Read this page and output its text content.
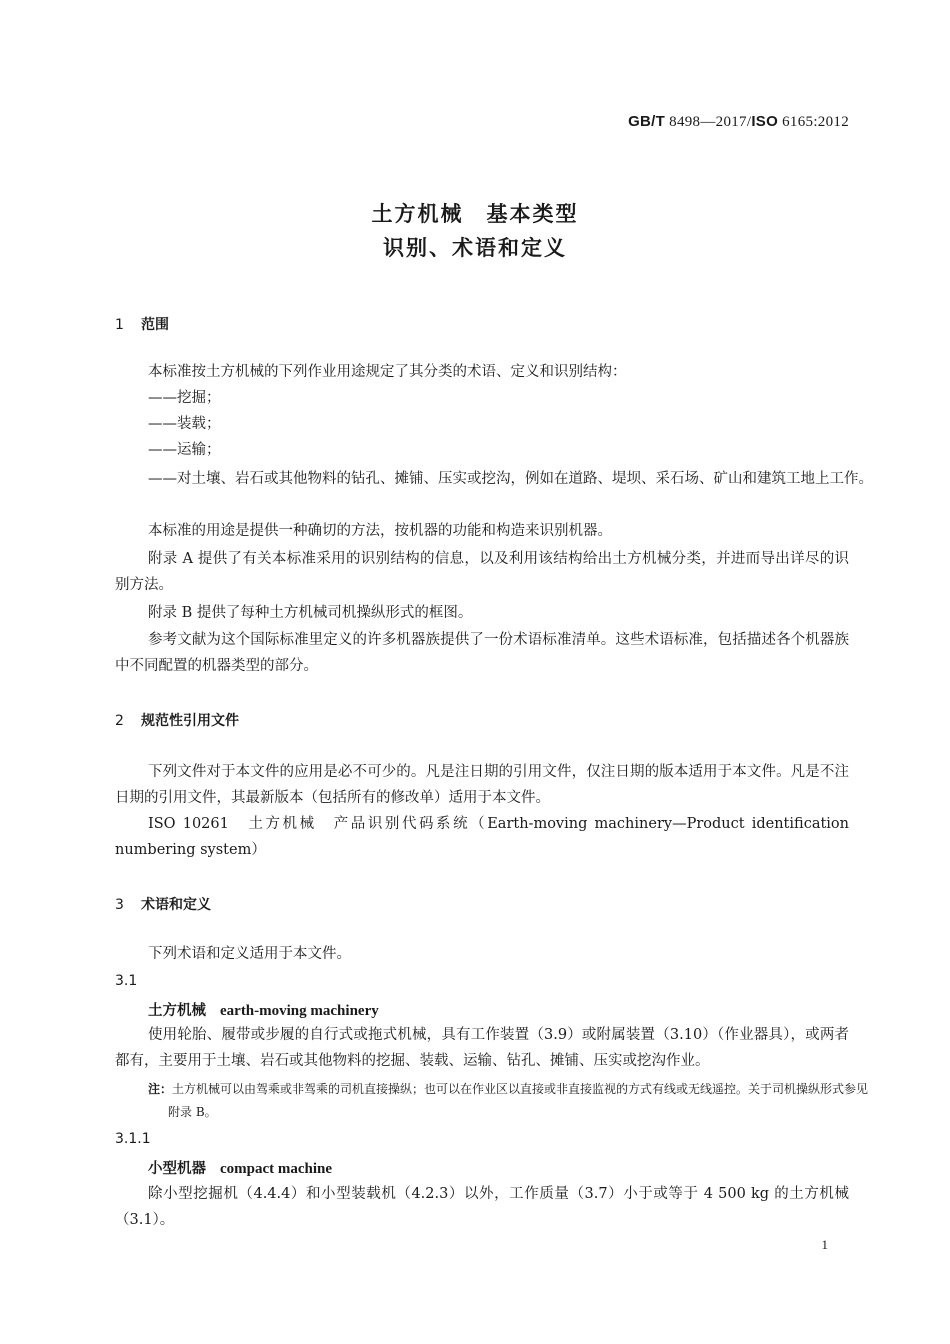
GB/T 8498—2017/ISO 6165:2012
土方机械　基本类型
识别、术语和定义
1 范围
本标准按土方机械的下列作业用途规定了其分类的术语、定义和识别结构：
——挖掘；
——装载；
——运输；
——对土壤、岩石或其他物料的钻孔、摊铺、压实或挖沟，例如在道路、堤坝、采石场、矿山和建筑工地上工作。
本标准的用途是提供一种确切的方法，按机器的功能和构造来识别机器。
附录 A 提供了有关本标准采用的识别结构的信息，以及利用该结构给出土方机械分类，并进而导出详尽的识别方法。
附录 B 提供了每种土方机械司机操纵形式的框图。
参考文献为这个国际标准里定义的许多机器族提供了一份术语标准清单。这些术语标准，包括描述各个机器族中不同配置的机器类型的部分。
2 规范性引用文件
下列文件对于本文件的应用是必不可少的。凡是注日期的引用文件，仅注日期的版本适用于本文件。凡是不注日期的引用文件，其最新版本（包括所有的修改单）适用于本文件。
ISO 10261　土方机械　产品识别代码系统（Earth-moving machinery—Product identification numbering system）
3 术语和定义
下列术语和定义适用于本文件。
3.1
土方机械 earth-moving machinery
使用轮胎、履带或步履的自行式或拖式机械，具有工作装置（3.9）或附属装置（3.10）（作业器具），或两者都有，主要用于土壤、岩石或其他物料的挖掘、装载、运输、钻孔、摊铺、压实或挖沟作业。
注：土方机械可以由驾乘或非驾乘的司机直接操纵；也可以在作业区以直接或非直接监视的方式有线或无线遥控。关于司机操纵形式参见附录 B。
3.1.1
小型机器 compact machine
除小型挖掘机（4.4.4）和小型装载机（4.2.3）以外，工作质量（3.7）小于或等于 4 500 kg 的土方机械（3.1）。
1
